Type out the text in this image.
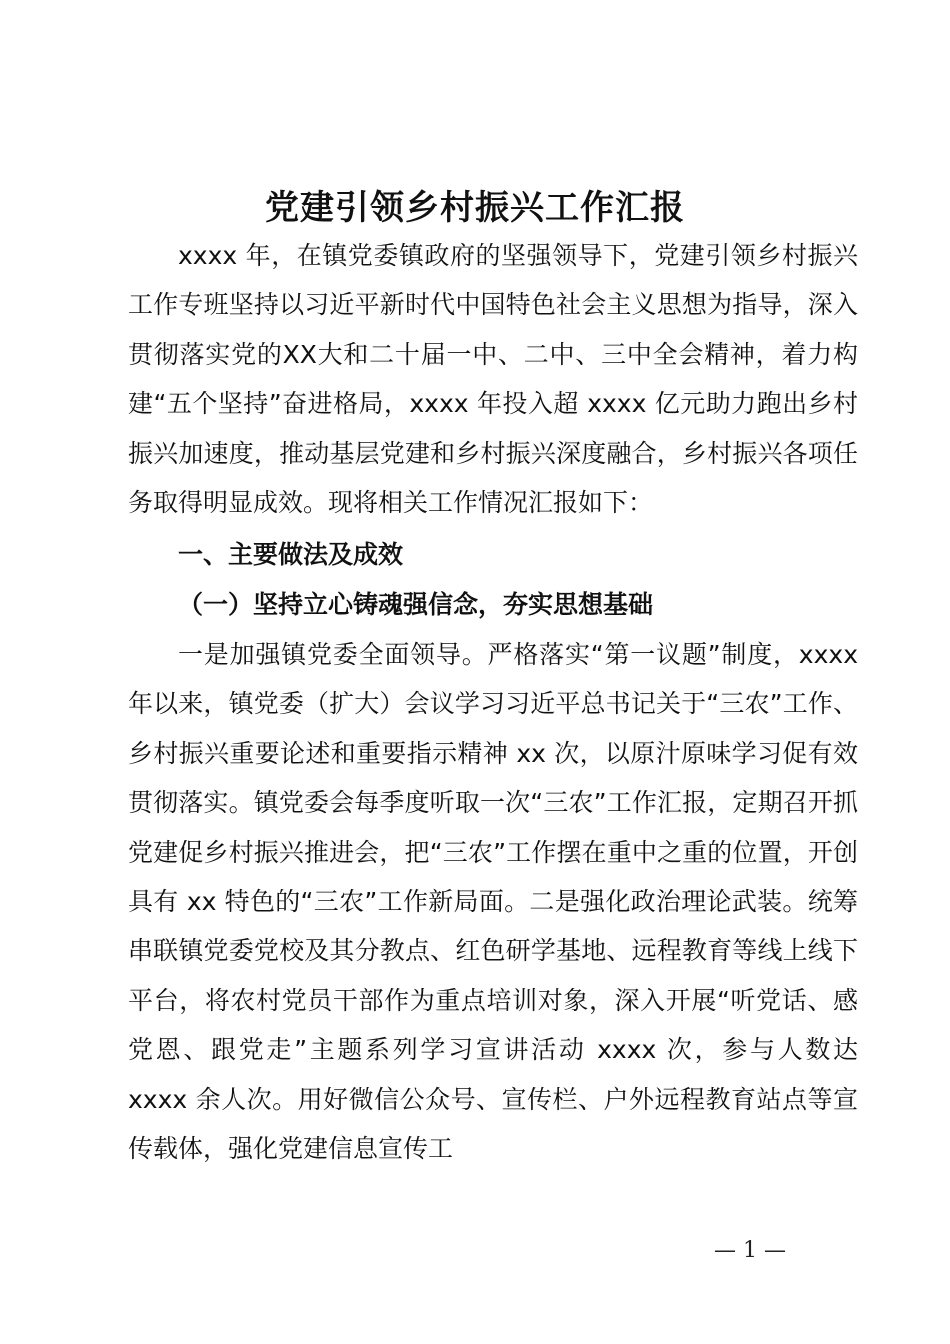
党建引领乡村振兴工作汇报

xxxx 年，在镇党委镇政府的坚强领导下，党建引领乡村振兴工作专班坚持以习近平新时代中国特色社会主义思想为指导，深入贯彻落实党的XX大和二十届一中、二中、三中全会精神，着力构建“五个坚持”奋进格局，xxxx 年投入超 xxxx 亿元助力跑出乡村振兴加速度，推动基层党建和乡村振兴深度融合，乡村振兴各项任务取得明显成效。现将相关工作情况汇报如下：

一、主要做法及成效
（一）坚持立心铸魂强信念，夯实思想基础

一是加强镇党委全面领导。严格落实“第一议题”制度，xxxx 年以来，镇党委（扩大）会议学习习近平总书记关于“三农”工作、乡村振兴重要论述和重要指示精神 xx 次，以原汁原味学习促有效贯彻落实。镇党委会每季度听取一次“三农”工作汇报，定期召开抓党建促乡村振兴推进会，把“三农”工作摆在重中之重的位置，开创具有 xx 特色的“三农”工作新局面。二是强化政治理论武装。统筹串联镇党委党校及其分教点、红色研学基地、远程教育等线上线下平台，将农村党员干部作为重点培训对象，深入开展“听党话、感党恩、跟党走”主题系列学习宣讲活动 xxxx 次，参与人数达 xxxx 余人次。用好微信公众号、宣传栏、户外远程教育站点等宣传载体，强化党建信息宣传工

— 1 —
